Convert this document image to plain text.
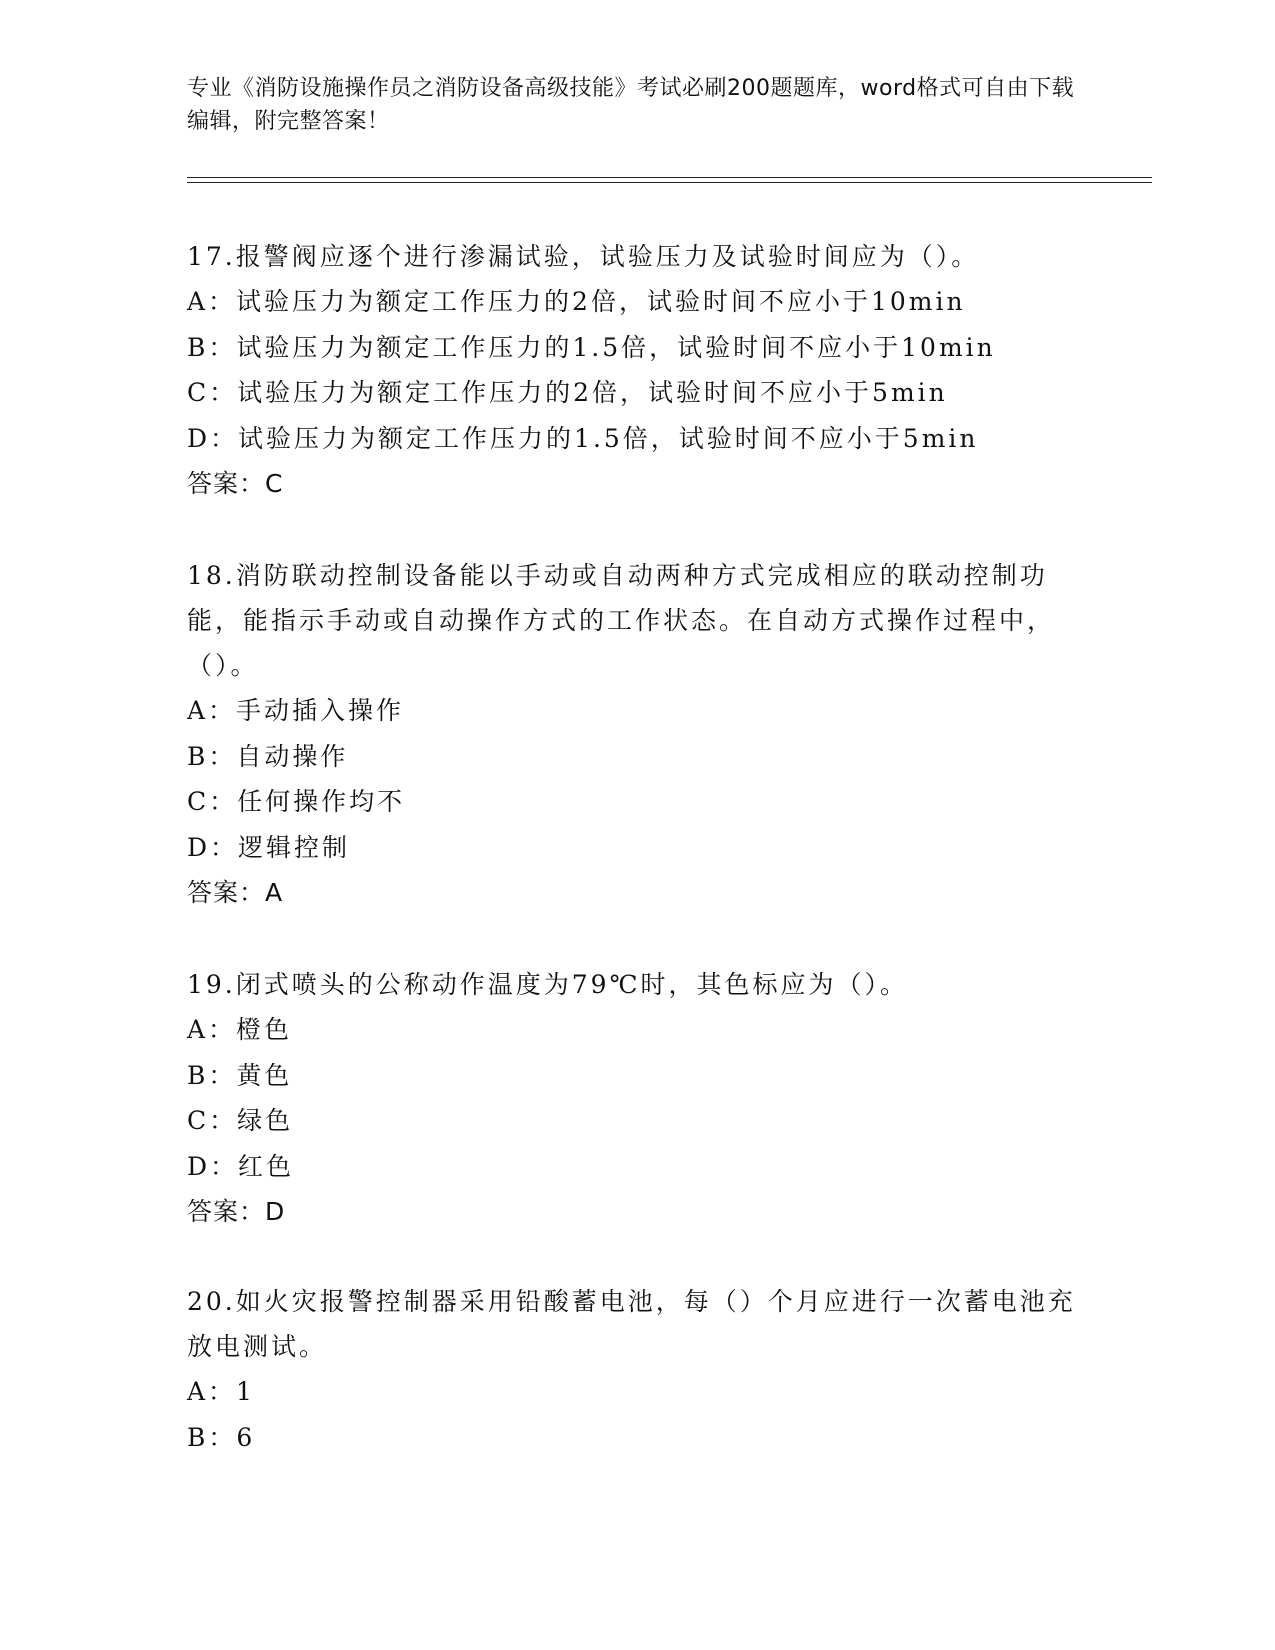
专业《消防设施操作员之消防设备高级技能》考试必刷200题题库，word格式可自由下载编辑，附完整答案！

17.报警阀应逐个进行渗漏试验，试验压力及试验时间应为（）。

A：试验压力为额定工作压力的2倍，试验时间不应小于10min

B：试验压力为额定工作压力的1.5倍，试验时间不应小于10min

C：试验压力为额定工作压力的2倍，试验时间不应小于5min

D：试验压力为额定工作压力的1.5倍，试验时间不应小于5min

答案：C

18.消防联动控制设备能以手动或自动两种方式完成相应的联动控制功能，能指示手动或自动操作方式的工作状态。在自动方式操作过程中，（）。

A：手动插入操作

B：自动操作

C：任何操作均不

D：逻辑控制

答案：A

19.闭式喷头的公称动作温度为79℃时，其色标应为（）。

A：橙色

B：黄色

C：绿色

D：红色

答案：D

20.如火灾报警控制器采用铅酸蓄电池，每（）个月应进行一次蓄电池充放电测试。

A：1

B：6
